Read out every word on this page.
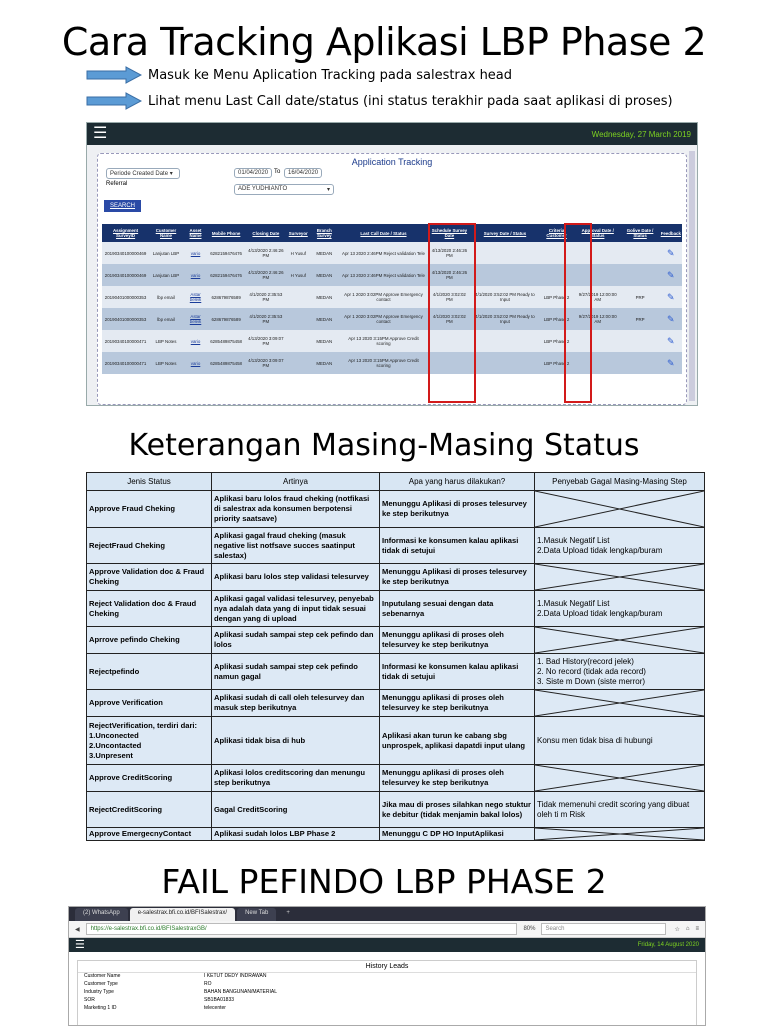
Cara Tracking Aplikasi LBP Phase 2
Masuk ke Menu Aplication Tracking pada salestrax head
Lihat menu Last Call date/status (ini status terakhir pada saat aplikasi di proses)
☰	Wednesday, 27 March 2019
Application Tracking
Periode Created Date ▾	01/04/2020 To	16/04/2020
Referral
ADE YUDHIANTO	▾
SEARCH
Assignment SurveyID	Customer Name	Asset Name	Mobile Phone	Closing Date	Surveyor	Branch Survey	Last Call Date / Status	Schedule Survey Date	Survey Date / Status	Criteria Customer	Approval Date / Status	Golive Date / Status	Feedback
20190340100000469	Lanjutan LBP	vario	6282159476476	4/13/2020 2:46:26 PM	H Yusuf	MEDAN	Apr 13 2020 2:46PM Reject validation Tele	4/13/2020 2:46:26 PM					✎
20190340100000469	Lanjutan LBP	vario	6282159476476	4/13/2020 2:46:26 PM	H Yusuf	MEDAN	Apr 13 2020 2:46PM Reject validation Tele	4/13/2020 2:46:26 PM					✎
20190401000000353	lbp email	Astar beleik	628679876589	4/1/2020 2:35:53 PM		MEDAN	Apr 1 2020 3:02PM Approve Emergency contact	4/1/2020 3:02:02 PM	4/1/2020 3:52:02 PM Ready to Input	LBP Phase 2	9/27/2019 12:00:00 AM	PRP	✎
20190401000000353	lbp email	Astar beleik	628679876589	4/1/2020 2:35:53 PM		MEDAN	Apr 1 2020 3:02PM Approve Emergency contact	4/1/2020 3:02:02 PM	4/1/2020 3:52:02 PM Ready to Input	LBP Phase 2	9/27/2019 12:00:00 AM	PRP	✎
20190340100000471	LBP Notes	vario	6285489875458	4/13/2020 3:09:07 PM		MEDAN	Apr 13 2020 3:15PM Approve Credit scoring			LBP Phase 2			✎
20190340100000471	LBP Notes	vario	6285489875458	4/13/2020 3:09:07 PM		MEDAN	Apr 13 2020 3:15PM Approve Credit scoring			LBP Phase 2			✎
Keterangan Masing-Masing Status
Jenis Status	Artinya	Apa yang harus dilakukan?	Penyebab Gagal Masing-Masing Step
Approve Fraud Cheking	Aplikasi baru lolos fraud cheking (notfikasi di salestrax ada konsumen berpotensi priority saatsave)	Menunggu Aplikasi di proses telesurvey ke step berikutnya	

RejectFraud Cheking	Aplikasi gagal fraud cheking (masuk negative list notfsave succes saatinput salestax)	Informasi ke konsumen kalau aplikasi tidak di setujui	1.Masuk Negatif List
2.Data Upload tidak lengkap/buram
Approve Validation doc & Fraud Cheking	Aplikasi baru lolos step validasi telesurvey	Menunggu Aplikasi di proses telesurvey ke step berikutnya	

Reject Validation doc & Fraud Cheking	Aplikasi gagal validasi telesurvey, penyebab nya adalah data yang di input tidak sesuai dengan yang di upload	Inputulang sesuai dengan data sebenarnya	1.Masuk Negatif List
2.Data Upload tidak lengkap/buram
Aprrove pefindo Cheking	Aplikasi sudah sampai step cek pefindo dan lolos	Menunggu aplikasi di proses oleh telesurvey ke step berikutnya	

Rejectpefindo	Aplikasi sudah sampai step cek pefindo namun gagal	Informasi ke konsumen kalau aplikasi tidak di setujui	1. Bad History(record jelek)
2. No record (tidak ada record)
3. Siste m Down (siste merror)
Approve Verification	Aplikasi sudah di call oleh telesurvey dan masuk step berikutnya	Menunggu aplikasi di proses oleh telesurvey ke step berikutnya	

RejectVerification, terdiri dari:
1.Unconected
2.Uncontacted
3.Unpresent	Aplikasi tidak bisa di hub	Aplikasi akan turun ke cabang sbg unprospek, aplikasi dapatdi input ulang	Konsu men tidak bisa di hubungi
Approve CreditScoring	Aplikasi lolos creditscoring dan menungu step berikutnya	Menunggu aplikasi di proses oleh telesurvey ke step berikutnya	

RejectCreditScoring	Gagal CreditScoring	Jika mau di proses silahkan nego stuktur ke debitur (tidak menjamin bakal lolos)	Tidak memenuhi credit scoring yang dibuat oleh ti m Risk
Approve EmergecnyContact	Aplikasi sudah lolos LBP Phase 2	Menunggu C DP HO InputAplikasi	
FAIL PEFINDO LBP PHASE 2
(2) WhatsApp	e-salestrax.bfi.co.id/BFISalestrax/	New Tab	+
◀	https://e-salestrax.bfi.co.id/BFISalestraxGB/	80%	Search	☆ ⌂ ≡
☰	Friday, 14 August 2020
History Leads
Customer Name	I KETUT DEDY INDRAWAN
Customer Type	RO
Industry Type	BAHAN BANGUNAN/MATERIAL
SOR	SB1BA01833
Marketing 1 ID	telecenter
